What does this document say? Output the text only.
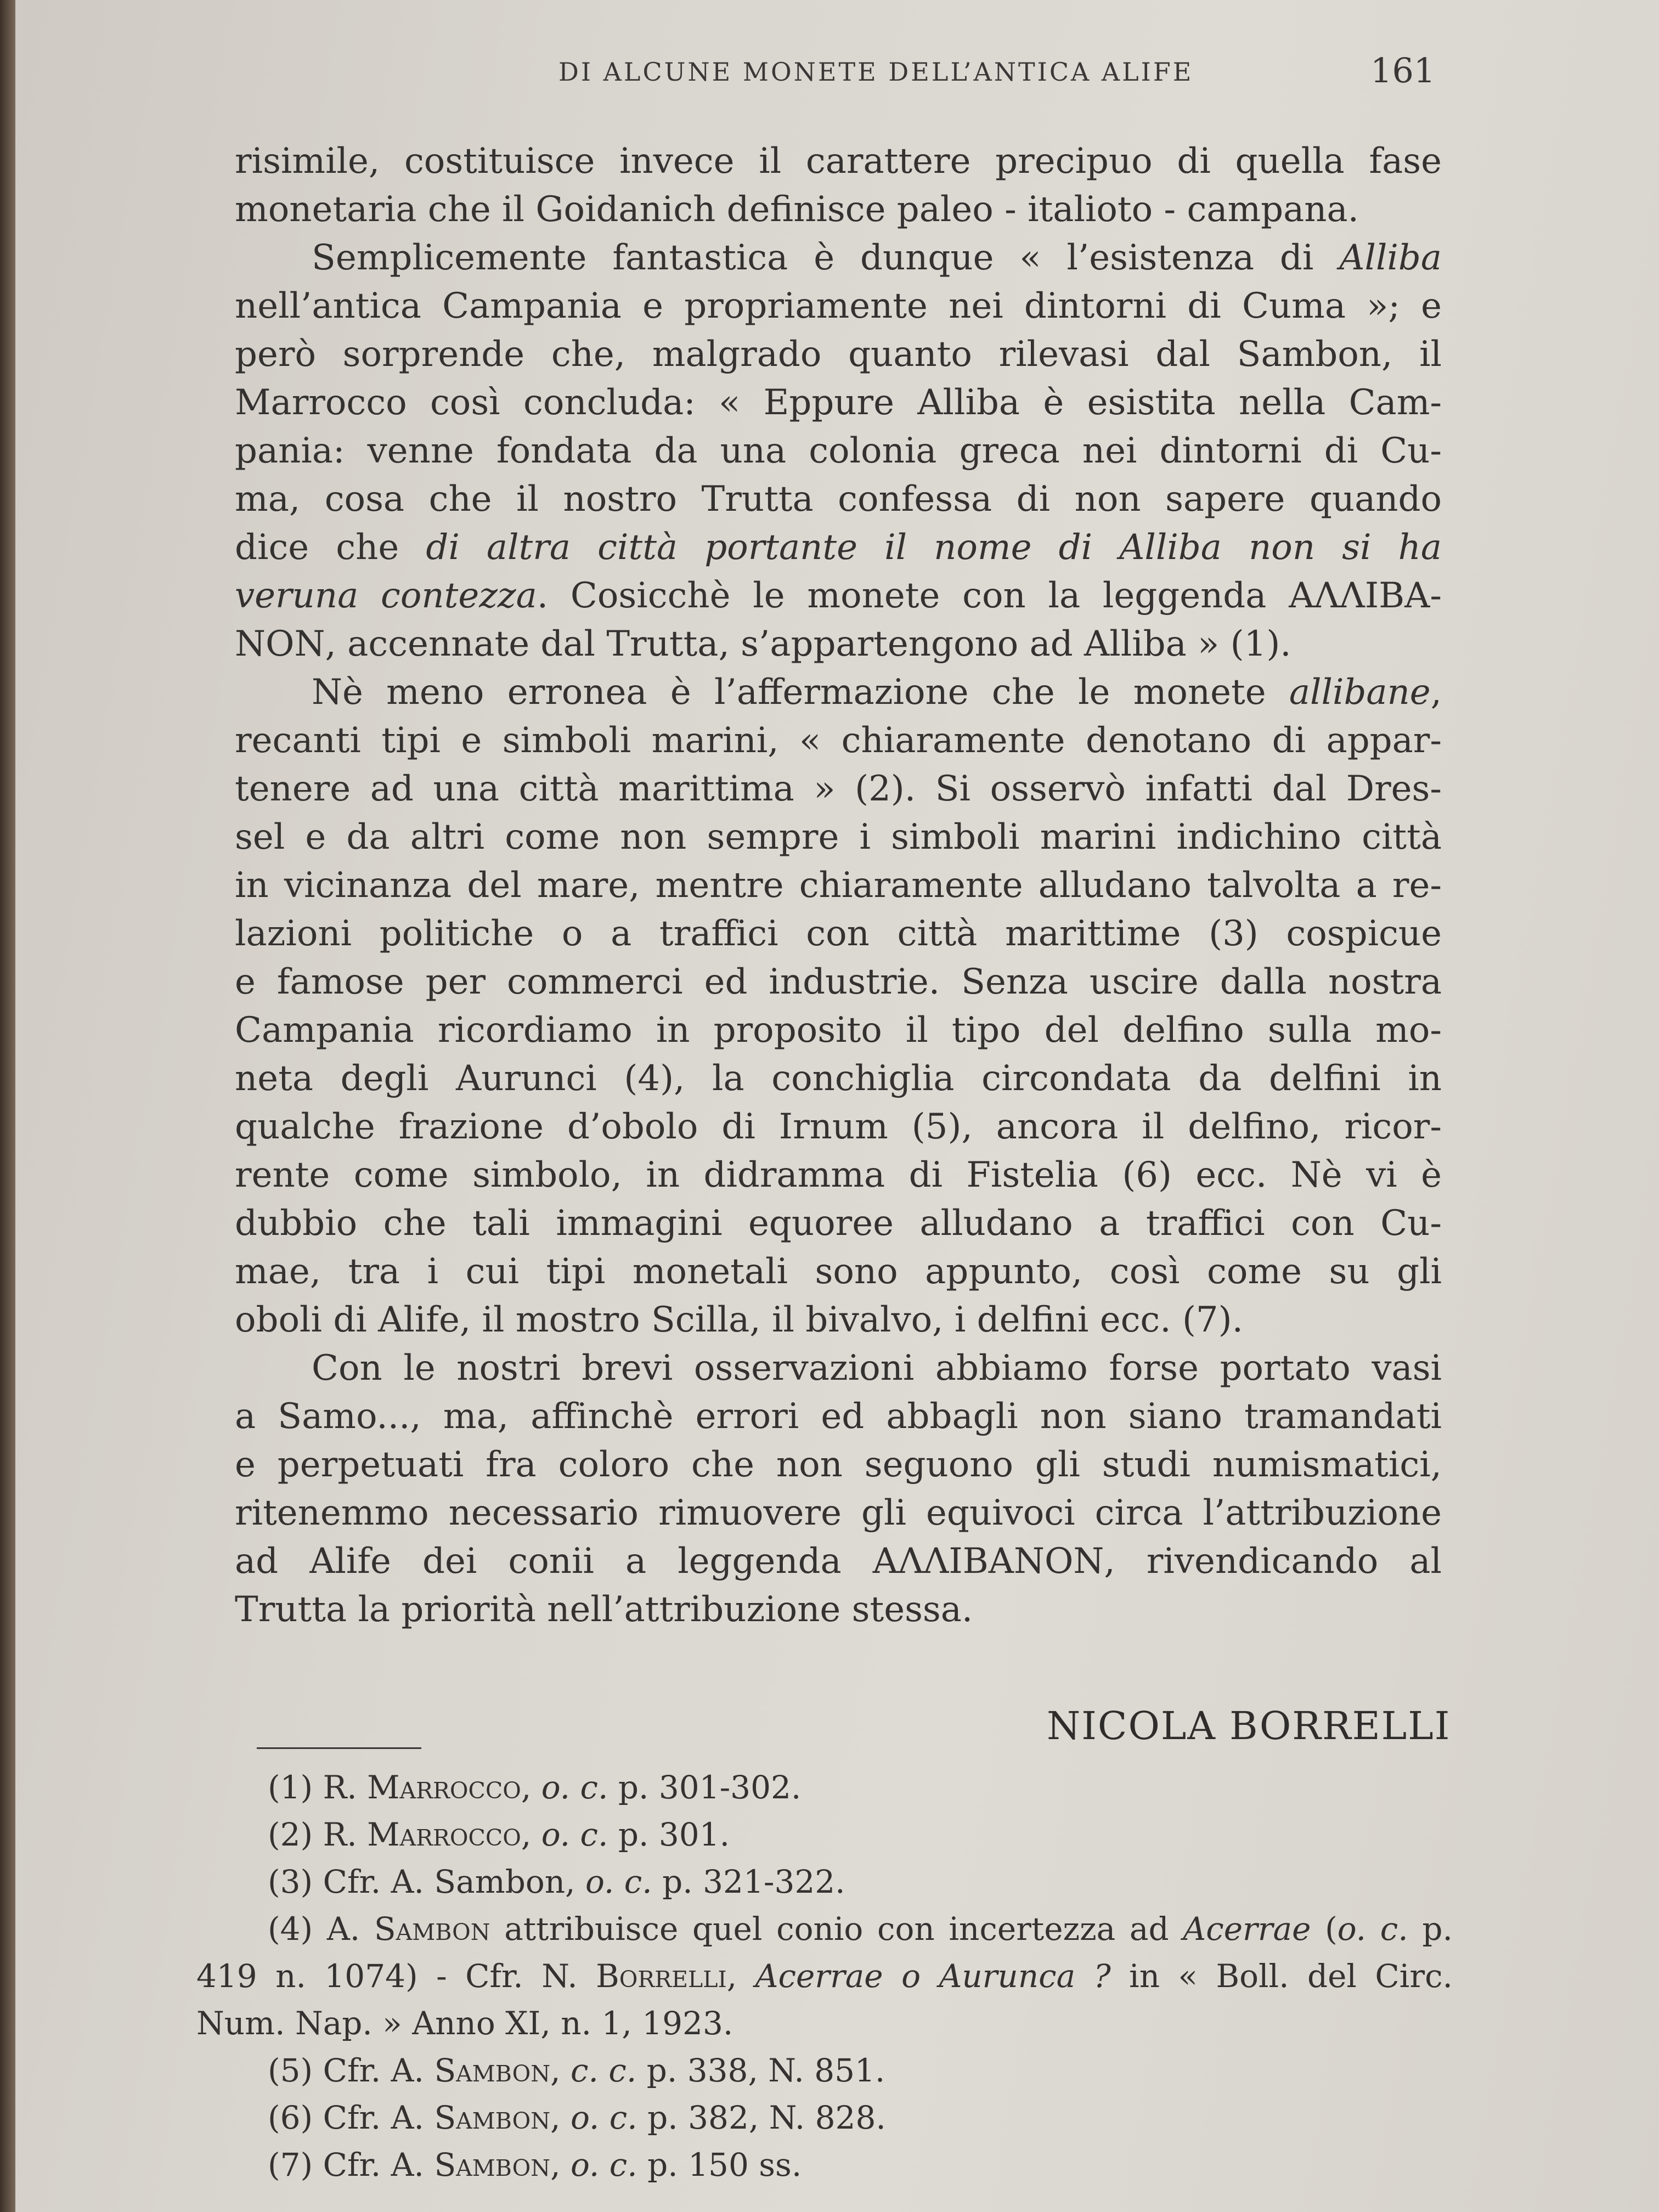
DI ALCUNE MONETE DELL’ANTICA ALIFE	161
risimile, costituisce invece il carattere precipuo di quella fase
monetaria che il Goidanich definisce paleo - italioto - campana.
Semplicemente fantastica è dunque « l’esistenza di Alliba
nell’antica Campania e propriamente nei dintorni di Cuma »; e
però sorprende che, malgrado quanto rilevasi dal Sambon, il
Marrocco così concluda: « Eppure Alliba è esistita nella Cam-
pania: venne fondata da una colonia greca nei dintorni di Cu-
ma, cosa che il nostro Trutta confessa di non sapere quando
dice che di altra città portante il nome di Alliba non si ha
veruna contezza. Cosicchè le monete con la leggenda ΑΛΛΙΒΑ-
ΝΟΝ, accennate dal Trutta, s’appartengono ad Alliba » (1).
Nè meno erronea è l’affermazione che le monete allibane,
recanti tipi e simboli marini, « chiaramente denotano di appar-
tenere ad una città marittima » (2). Si osservò infatti dal Dres-
sel e da altri come non sempre i simboli marini indichino città
in vicinanza del mare, mentre chiaramente alludano talvolta a re-
lazioni politiche o a traffici con città marittime (3) cospicue
e famose per commerci ed industrie. Senza uscire dalla nostra
Campania ricordiamo in proposito il tipo del delfino sulla mo-
neta degli Aurunci (4), la conchiglia circondata da delfini in
qualche frazione d’obolo di Irnum (5), ancora il delfino, ricor-
rente come simbolo, in didramma di Fistelia (6) ecc. Nè vi è
dubbio che tali immagini equoree alludano a traffici con Cu-
mae, tra i cui tipi monetali sono appunto, così come su gli
oboli di Alife, il mostro Scilla, il bivalvo, i delfini ecc. (7).
Con le nostri brevi osservazioni abbiamo forse portato vasi
a Samo..., ma, affinchè errori ed abbagli non siano tramandati
e perpetuati fra coloro che non seguono gli studi numismatici,
ritenemmo necessario rimuovere gli equivoci circa l’attribuzione
ad Alife dei conii a leggenda ΑΛΛΙΒΑΝΟΝ, rivendicando al
Trutta la priorità nell’attribuzione stessa.
NICOLA BORRELLI
(1) R. Marrocco, o. c. p. 301-302.
(2) R. Marrocco, o. c. p. 301.
(3) Cfr. A. Sambon, o. c. p. 321-322.
(4) A. Sambon attribuisce quel conio con incertezza ad Acerrae (o. c. p.
419 n. 1074) - Cfr. N. Borrelli, Acerrae o Aurunca ? in « Boll. del Circ.
Num. Nap. » Anno XI, n. 1, 1923.
(5) Cfr. A. Sambon, c. c. p. 338, N. 851.
(6) Cfr. A. Sambon, o. c. p. 382, N. 828.
(7) Cfr. A. Sambon, o. c. p. 150 ss.
